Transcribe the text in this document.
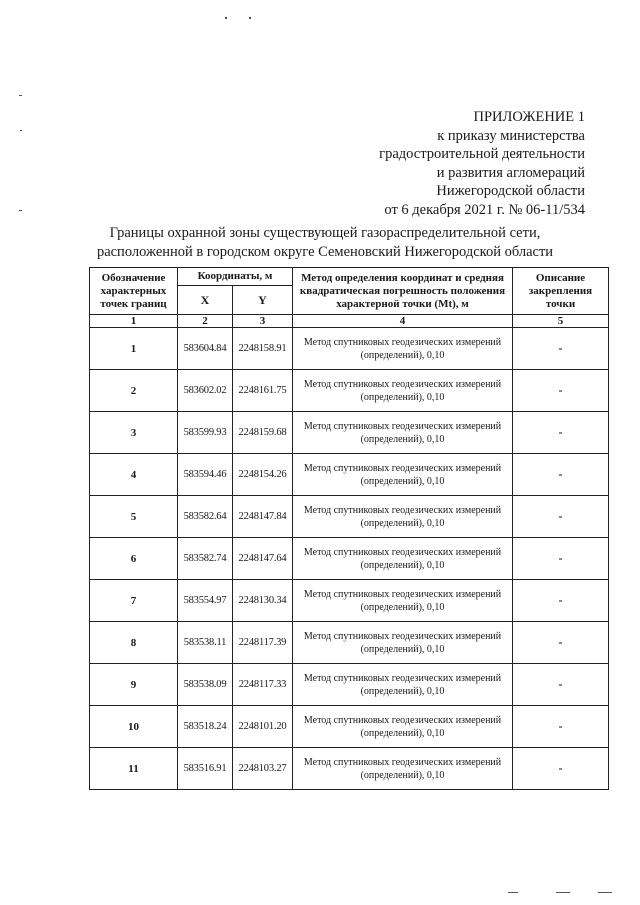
ПРИЛОЖЕНИЕ 1
к приказу министерства
градостроительной деятельности
и развития агломераций
Нижегородской области
от 6 декабря 2021 г. № 06-11/534
Границы охранной зоны существующей газораспределительной сети,
расположенной в городском округе Семеновский Нижегородской области
Обозначение характерных точек границ	Координаты, м		Метод определения координат и средняя квадратическая погрешность положения характерной точки (Mt), м	Описание закрепления точки
	X	Y		
1	2	3	4	5
1	583604.84	2248158.91	Метод спутниковых геодезических измерений (определений), 0,10	-
2	583602.02	2248161.75	Метод спутниковых геодезических измерений (определений), 0,10	-
3	583599.93	2248159.68	Метод спутниковых геодезических измерений (определений), 0,10	-
4	583594.46	2248154.26	Метод спутниковых геодезических измерений (определений), 0,10	-
5	583582.64	2248147.84	Метод спутниковых геодезических измерений (определений), 0,10	-
6	583582.74	2248147.64	Метод спутниковых геодезических измерений (определений), 0,10	-
7	583554.97	2248130.34	Метод спутниковых геодезических измерений (определений), 0,10	-
8	583538.11	2248117.39	Метод спутниковых геодезических измерений (определений), 0,10	-
9	583538.09	2248117.33	Метод спутниковых геодезических измерений (определений), 0,10	-
10	583518.24	2248101.20	Метод спутниковых геодезических измерений (определений), 0,10	-
11	583516.91	2248103.27	Метод спутниковых геодезических измерений (определений), 0,10	-
